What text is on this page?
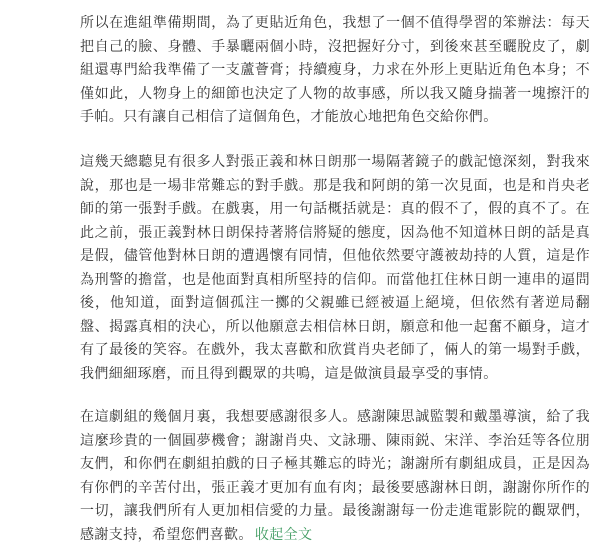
所以在進組準備期間，為了更貼近角色，我想了一個不值得學習的笨辦法：每天把自己的臉、身體、手暴曬兩個小時，沒把握好分寸，到後來甚至曬脫皮了，劇組還專門給我準備了一支蘆薈膏；持續瘦身，力求在外形上更貼近角色本身；不僅如此，人物身上的細節也決定了人物的故事感，所以我又隨身揣著一塊擦汗的手帕。只有讓自己相信了這個角色，才能放心地把角色交給你們。

這幾天總聽見有很多人對張正義和林日朗那一場隔著鏡子的戲記憶深刻，對我來說，那也是一場非常難忘的對手戲。那是我和阿朗的第一次見面，也是和肖央老師的第一張對手戲。在戲裏，用一句話概括就是：真的假不了，假的真不了。在此之前，張正義對林日朗保持著將信將疑的態度，因為他不知道林日朗的話是真是假，儘管他對林日朗的遭遇懷有同情，但他依然要守護被劫持的人質，這是作為刑警的擔當，也是他面對真相所堅持的信仰。而當他扛住林日朗一連串的逼問後，他知道，面對這個孤注一擲的父親雖已經被逼上絕境，但依然有著逆局翻盤、揭露真相的決心，所以他願意去相信林日朗，願意和他一起奮不顧身，這才有了最後的笑容。在戲外，我太喜歡和欣賞肖央老師了，倆人的第一場對手戲，我們細細琢磨，而且得到觀眾的共鳴，這是做演員最享受的事情。

在這劇組的幾個月裏，我想要感謝很多人。感謝陳思誠監製和戴墨導演，給了我這麼珍貴的一個圓夢機會；謝謝肖央、文詠珊、陳雨鋭、宋洋、李治廷等各位朋友們，和你們在劇組拍戲的日子極其難忘的時光；謝謝所有劇組成員，正是因為有你們的辛苦付出，張正義才更加有血有肉；最後要感謝林日朗，謝謝你所作的一切，讓我們所有人更加相信愛的力量。最後謝謝每一份走進電影院的觀眾們，感謝支持，希望您們喜歡。 收起全文
